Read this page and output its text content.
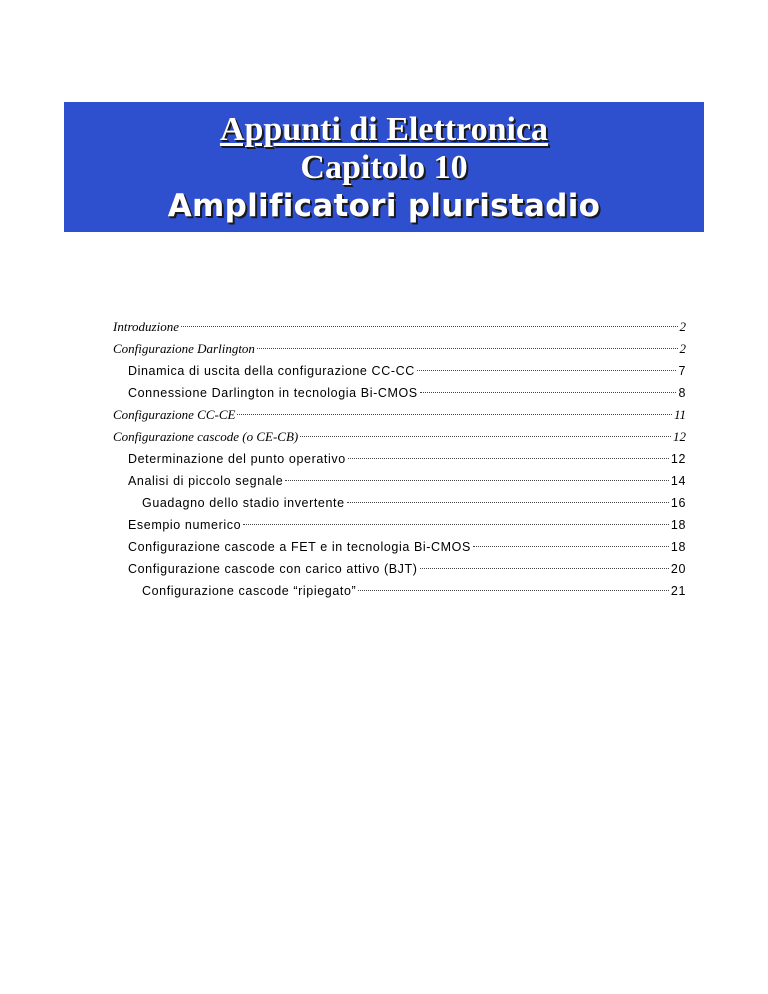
Appunti di Elettronica
Capitolo 10
Amplificatori pluristadio
Introduzione	2
Configurazione Darlington	2
Dinamica di uscita della configurazione CC-CC	7
Connessione Darlington in tecnologia Bi-CMOS	8
Configurazione CC-CE	11
Configurazione cascode (o CE-CB)	12
Determinazione del punto operativo	12
Analisi di piccolo segnale	14
Guadagno dello stadio invertente	16
Esempio numerico	18
Configurazione cascode a FET e in tecnologia Bi-CMOS	18
Configurazione cascode con carico attivo (BJT)	20
Configurazione cascode “ripiegato”	21
